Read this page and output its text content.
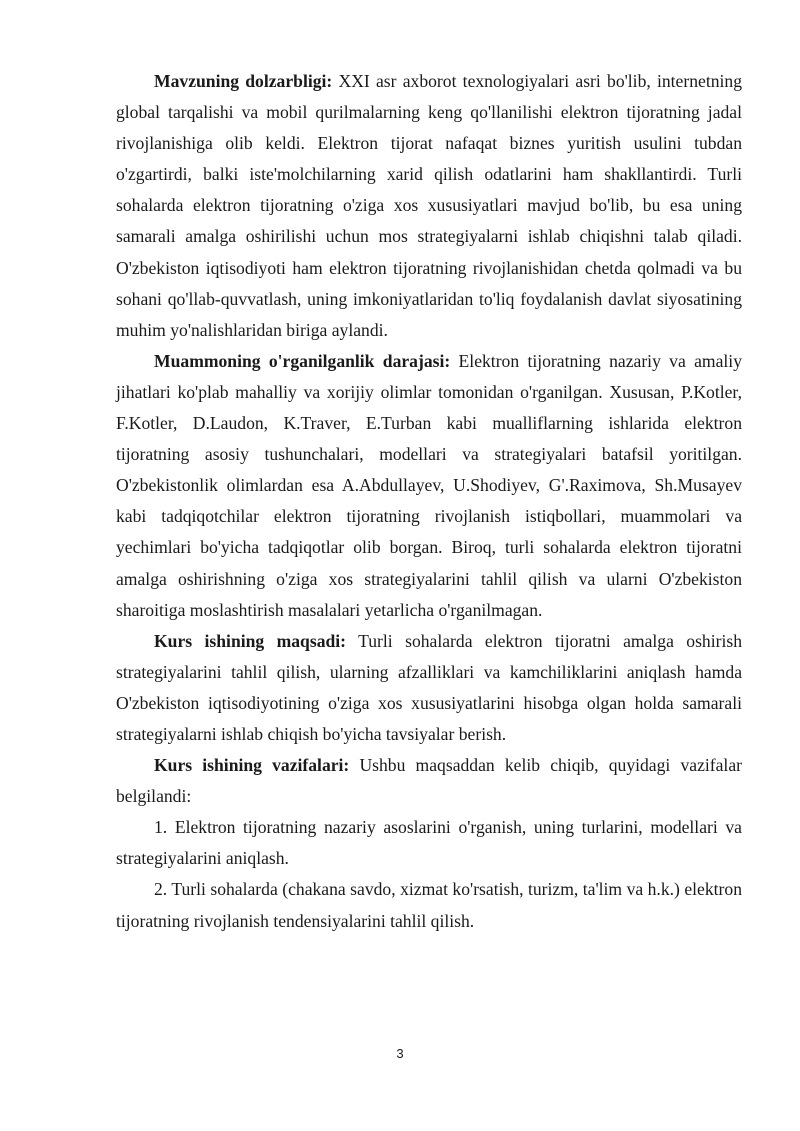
Mavzuning dolzarbligi: XXI asr axborot texnologiyalari asri bo'lib, internetning global tarqalishi va mobil qurilmalarning keng qo'llanilishi elektron tijoratning jadal rivojlanishiga olib keldi. Elektron tijorat nafaqat biznes yuritish usulini tubdan o'zgartirdi, balki iste'molchilarning xarid qilish odatlarini ham shakllantirdi. Turli sohalarda elektron tijoratning o'ziga xos xususiyatlari mavjud bo'lib, bu esa uning samarali amalga oshirilishi uchun mos strategiyalarni ishlab chiqishni talab qiladi. O'zbekiston iqtisodiyoti ham elektron tijoratning rivojlanishidan chetda qolmadi va bu sohani qo'llab-quvvatlash, uning imkoniyatlaridan to'liq foydalanish davlat siyosatining muhim yo'nalishlaridan biriga aylandi.

Muammoning o'rganilganlik darajasi: Elektron tijoratning nazariy va amaliy jihatlari ko'plab mahalliy va xorijiy olimlar tomonidan o'rganilgan. Xususan, P.Kotler, F.Kotler, D.Laudon, K.Traver, E.Turban kabi mualliflarning ishlarida elektron tijoratning asosiy tushunchalari, modellari va strategiyalari batafsil yoritilgan. O'zbekistonlik olimlardan esa A.Abdullayev, U.Shodiyev, G'.Raximova, Sh.Musayev kabi tadqiqotchilar elektron tijoratning rivojlanish istiqbollari, muammolari va yechimlari bo'yicha tadqiqotlar olib borgan. Biroq, turli sohalarda elektron tijoratni amalga oshirishning o'ziga xos strategiyalarini tahlil qilish va ularni O'zbekiston sharoitiga moslashtirish masalalari yetarlicha o'rganilmagan.

Kurs ishining maqsadi: Turli sohalarda elektron tijoratni amalga oshirish strategiyalarini tahlil qilish, ularning afzalliklari va kamchiliklarini aniqlash hamda O'zbekiston iqtisodiyotining o'ziga xos xususiyatlarini hisobga olgan holda samarali strategiyalarni ishlab chiqish bo'yicha tavsiyalar berish.

Kurs ishining vazifalari: Ushbu maqsaddan kelib chiqib, quyidagi vazifalar belgilandi:

1. Elektron tijoratning nazariy asoslarini o'rganish, uning turlarini, modellari va strategiyalarini aniqlash.

2. Turli sohalarda (chakana savdo, xizmat ko'rsatish, turizm, ta'lim va h.k.) elektron tijoratning rivojlanish tendensiyalarini tahlil qilish.

3
